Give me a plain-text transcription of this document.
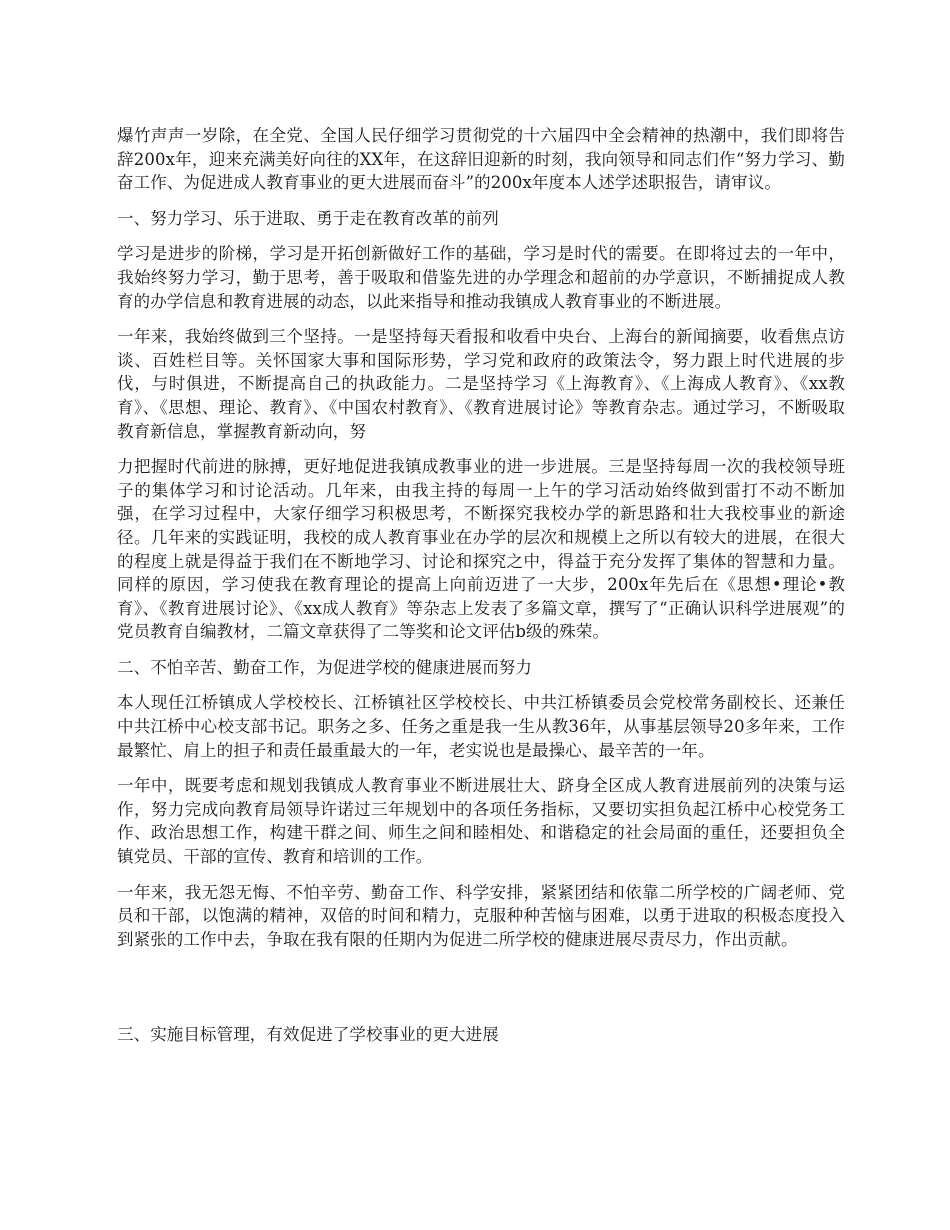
爆竹声声一岁除，在全党、全国人民仔细学习贯彻党的十六届四中全会精神的热潮中，我们即将告辞200x年，迎来充满美好向往的XX年，在这辞旧迎新的时刻，我向领导和同志们作“努力学习、勤奋工作、为促进成人教育事业的更大进展而奋斗”的200x年度本人述学述职报告，请审议。

一、努力学习、乐于进取、勇于走在教育改革的前列

学习是进步的阶梯，学习是开拓创新做好工作的基础，学习是时代的需要。在即将过去的一年中，我始终努力学习，勤于思考，善于吸取和借鉴先进的办学理念和超前的办学意识，不断捕捉成人教育的办学信息和教育进展的动态，以此来指导和推动我镇成人教育事业的不断进展。

一年来，我始终做到三个坚持。一是坚持每天看报和收看中央台、上海台的新闻摘要，收看焦点访谈、百姓栏目等。关怀国家大事和国际形势，学习党和政府的政策法令，努力跟上时代进展的步伐，与时俱进，不断提高自己的执政能力。二是坚持学习《上海教育》、《上海成人教育》、《xx教育》、《思想、理论、教育》、《中国农村教育》、《教育进展讨论》等教育杂志。通过学习，不断吸取教育新信息，掌握教育新动向，努

力把握时代前进的脉搏，更好地促进我镇成教事业的进一步进展。三是坚持每周一次的我校领导班子的集体学习和讨论活动。几年来，由我主持的每周一上午的学习活动始终做到雷打不动不断加强，在学习过程中，大家仔细学习积极思考，不断探究我校办学的新思路和壮大我校事业的新途径。几年来的实践证明，我校的成人教育事业在办学的层次和规模上之所以有较大的进展，在很大的程度上就是得益于我们在不断地学习、讨论和探究之中，得益于充分发挥了集体的智慧和力量。同样的原因，学习使我在教育理论的提高上向前迈进了一大步，200x年先后在《思想•理论•教育》、《教育进展讨论》、《xx成人教育》等杂志上发表了多篇文章，撰写了“正确认识科学进展观”的党员教育自编教材，二篇文章获得了二等奖和论文评估b级的殊荣。

二、不怕辛苦、勤奋工作，为促进学校的健康进展而努力

本人现任江桥镇成人学校校长、江桥镇社区学校校长、中共江桥镇委员会党校常务副校长、还兼任中共江桥中心校支部书记。职务之多、任务之重是我一生从教36年，从事基层领导20多年来，工作最繁忙、肩上的担子和责任最重最大的一年，老实说也是最操心、最辛苦的一年。

一年中，既要考虑和规划我镇成人教育事业不断进展壮大、跻身全区成人教育进展前列的决策与运作，努力完成向教育局领导许诺过三年规划中的各项任务指标，又要切实担负起江桥中心校党务工作、政治思想工作，构建干群之间、师生之间和睦相处、和谐稳定的社会局面的重任，还要担负全镇党员、干部的宣传、教育和培训的工作。

一年来，我无怨无悔、不怕辛劳、勤奋工作、科学安排，紧紧团结和依靠二所学校的广阔老师、党员和干部，以饱满的精神，双倍的时间和精力，克服种种苦恼与困难，以勇于进取的积极态度投入到紧张的工作中去，争取在我有限的任期内为促进二所学校的健康进展尽责尽力，作出贡献。

三、实施目标管理，有效促进了学校事业的更大进展
